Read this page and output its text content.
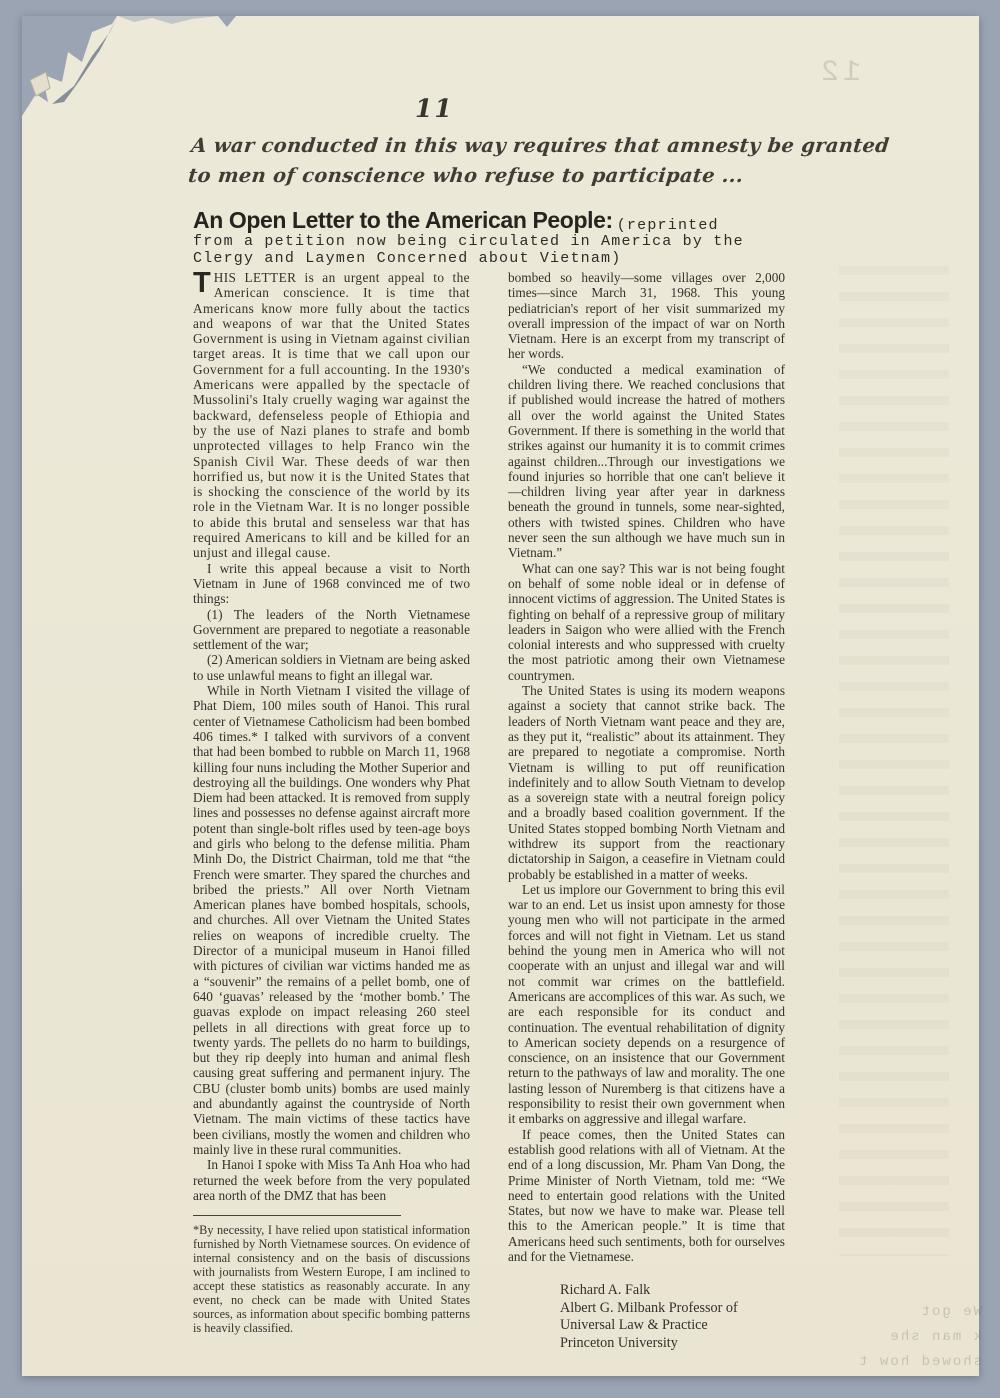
12
11
A war conducted in this way requires that amnesty be granted
to men of conscience who refuse to participate ...
An Open Letter to the American People: (reprinted
from a petition now being circulated in America by the
Clergy and Laymen Concerned about Vietnam)

THIS LETTER is an urgent appeal to the American conscience. It is time that Americans know more fully about the tactics and weapons of war that the United States Government is using in Vietnam against civilian target areas. It is time that we call upon our Government for a full accounting. In the 1930's Americans were appalled by the spectacle of Mussolini's Italy cruelly waging war against the backward, defenseless people of Ethiopia and by the use of Nazi planes to strafe and bomb unprotected villages to help Franco win the Spanish Civil War. These deeds of war then horrified us, but now it is the United States that is shocking the conscience of the world by its role in the Vietnam War. It is no longer possible to abide this brutal and senseless war that has required Americans to kill and be killed for an unjust and illegal cause.

I write this appeal because a visit to North Vietnam in June of 1968 convinced me of two things:

(1) The leaders of the North Vietnamese Government are prepared to negotiate a reasonable settlement of the war;

(2) American soldiers in Vietnam are being asked to use unlawful means to fight an illegal war.

While in North Vietnam I visited the village of Phat Diem, 100 miles south of Hanoi. This rural center of Vietnamese Catholicism had been bombed 406 times.* I talked with survivors of a convent that had been bombed to rubble on March 11, 1968 killing four nuns including the Mother Superior and destroying all the buildings. One wonders why Phat Diem had been attacked. It is removed from supply lines and possesses no defense against aircraft more potent than single-bolt rifles used by teen-age boys and girls who belong to the defense militia. Pham Minh Do, the District Chairman, told me that “the French were smarter. They spared the churches and bribed the priests.” All over North Vietnam American planes have bombed hospitals, schools, and churches. All over Vietnam the United States relies on weapons of incredible cruelty. The Director of a municipal museum in Hanoi filled with pictures of civilian war victims handed me as a “souvenir” the remains of a pellet bomb, one of 640 ‘guavas’ released by the ‘mother bomb.’ The guavas explode on impact releasing 260 steel pellets in all directions with great force up to twenty yards. The pellets do no harm to buildings, but they rip deeply into human and animal flesh causing great suffering and permanent injury. The CBU (cluster bomb units) bombs are used mainly and abundantly against the countryside of North Vietnam. The main victims of these tactics have been civilians, mostly the women and children who mainly live in these rural communities.

In Hanoi I spoke with Miss Ta Anh Hoa who had returned the week before from the very populated area north of the DMZ that has been

*By necessity, I have relied upon statistical information furnished by North Vietnamese sources. On evidence of internal consistency and on the basis of discussions with journalists from Western Europe, I am inclined to accept these statistics as reasonably accurate. In any event, no check can be made with United States sources, as information about specific bombing patterns is heavily classified.

bombed so heavily—some villages over 2,000 times—since March 31, 1968. This young pediatrician's report of her visit summarized my overall impression of the impact of war on North Vietnam. Here is an excerpt from my transcript of her words.

“We conducted a medical examination of children living there. We reached conclusions that if published would increase the hatred of mothers all over the world against the United States Government. If there is something in the world that strikes against our humanity it is to commit crimes against children...Through our investigations we found injuries so horrible that one can't believe it —children living year after year in darkness beneath the ground in tunnels, some near-sighted, others with twisted spines. Children who have never seen the sun although we have much sun in Vietnam.”

What can one say? This war is not being fought on behalf of some noble ideal or in defense of innocent victims of aggression. The United States is fighting on behalf of a repressive group of military leaders in Saigon who were allied with the French colonial interests and who suppressed with cruelty the most patriotic among their own Vietnamese countrymen.

The United States is using its modern weapons against a society that cannot strike back. The leaders of North Vietnam want peace and they are, as they put it, “realistic” about its attainment. They are prepared to negotiate a compromise. North Vietnam is willing to put off reunification indefinitely and to allow South Vietnam to develop as a sovereign state with a neutral foreign policy and a broadly based coalition government. If the United States stopped bombing North Vietnam and withdrew its support from the reactionary dictatorship in Saigon, a ceasefire in Vietnam could probably be established in a matter of weeks.

Let us implore our Government to bring this evil war to an end. Let us insist upon amnesty for those young men who will not participate in the armed forces and will not fight in Vietnam. Let us stand behind the young men in America who will not cooperate with an unjust and illegal war and will not commit war crimes on the battlefield. Americans are accomplices of this war. As such, we are each responsible for its conduct and continuation. The eventual rehabilitation of dignity to American society depends on a resurgence of conscience, on an insistence that our Government return to the pathways of law and morality. The one lasting lesson of Nuremberg is that citizens have a responsibility to resist their own government when it embarks on aggressive and illegal warfare.

If peace comes, then the United States can establish good relations with all of Vietnam. At the end of a long discussion, Mr. Pham Van Dong, the Prime Minister of North Vietnam, told me: “We need to entertain good relations with the United States, but now we have to make war. Please tell this to the American people.” It is time that Americans heed such sentiments, both for ourselves and for the Vietnamese.

Richard A. Falk
Albert G. Milbank Professor of
Universal Law & Practice
Princeton University
We got
k man she
showed how t
